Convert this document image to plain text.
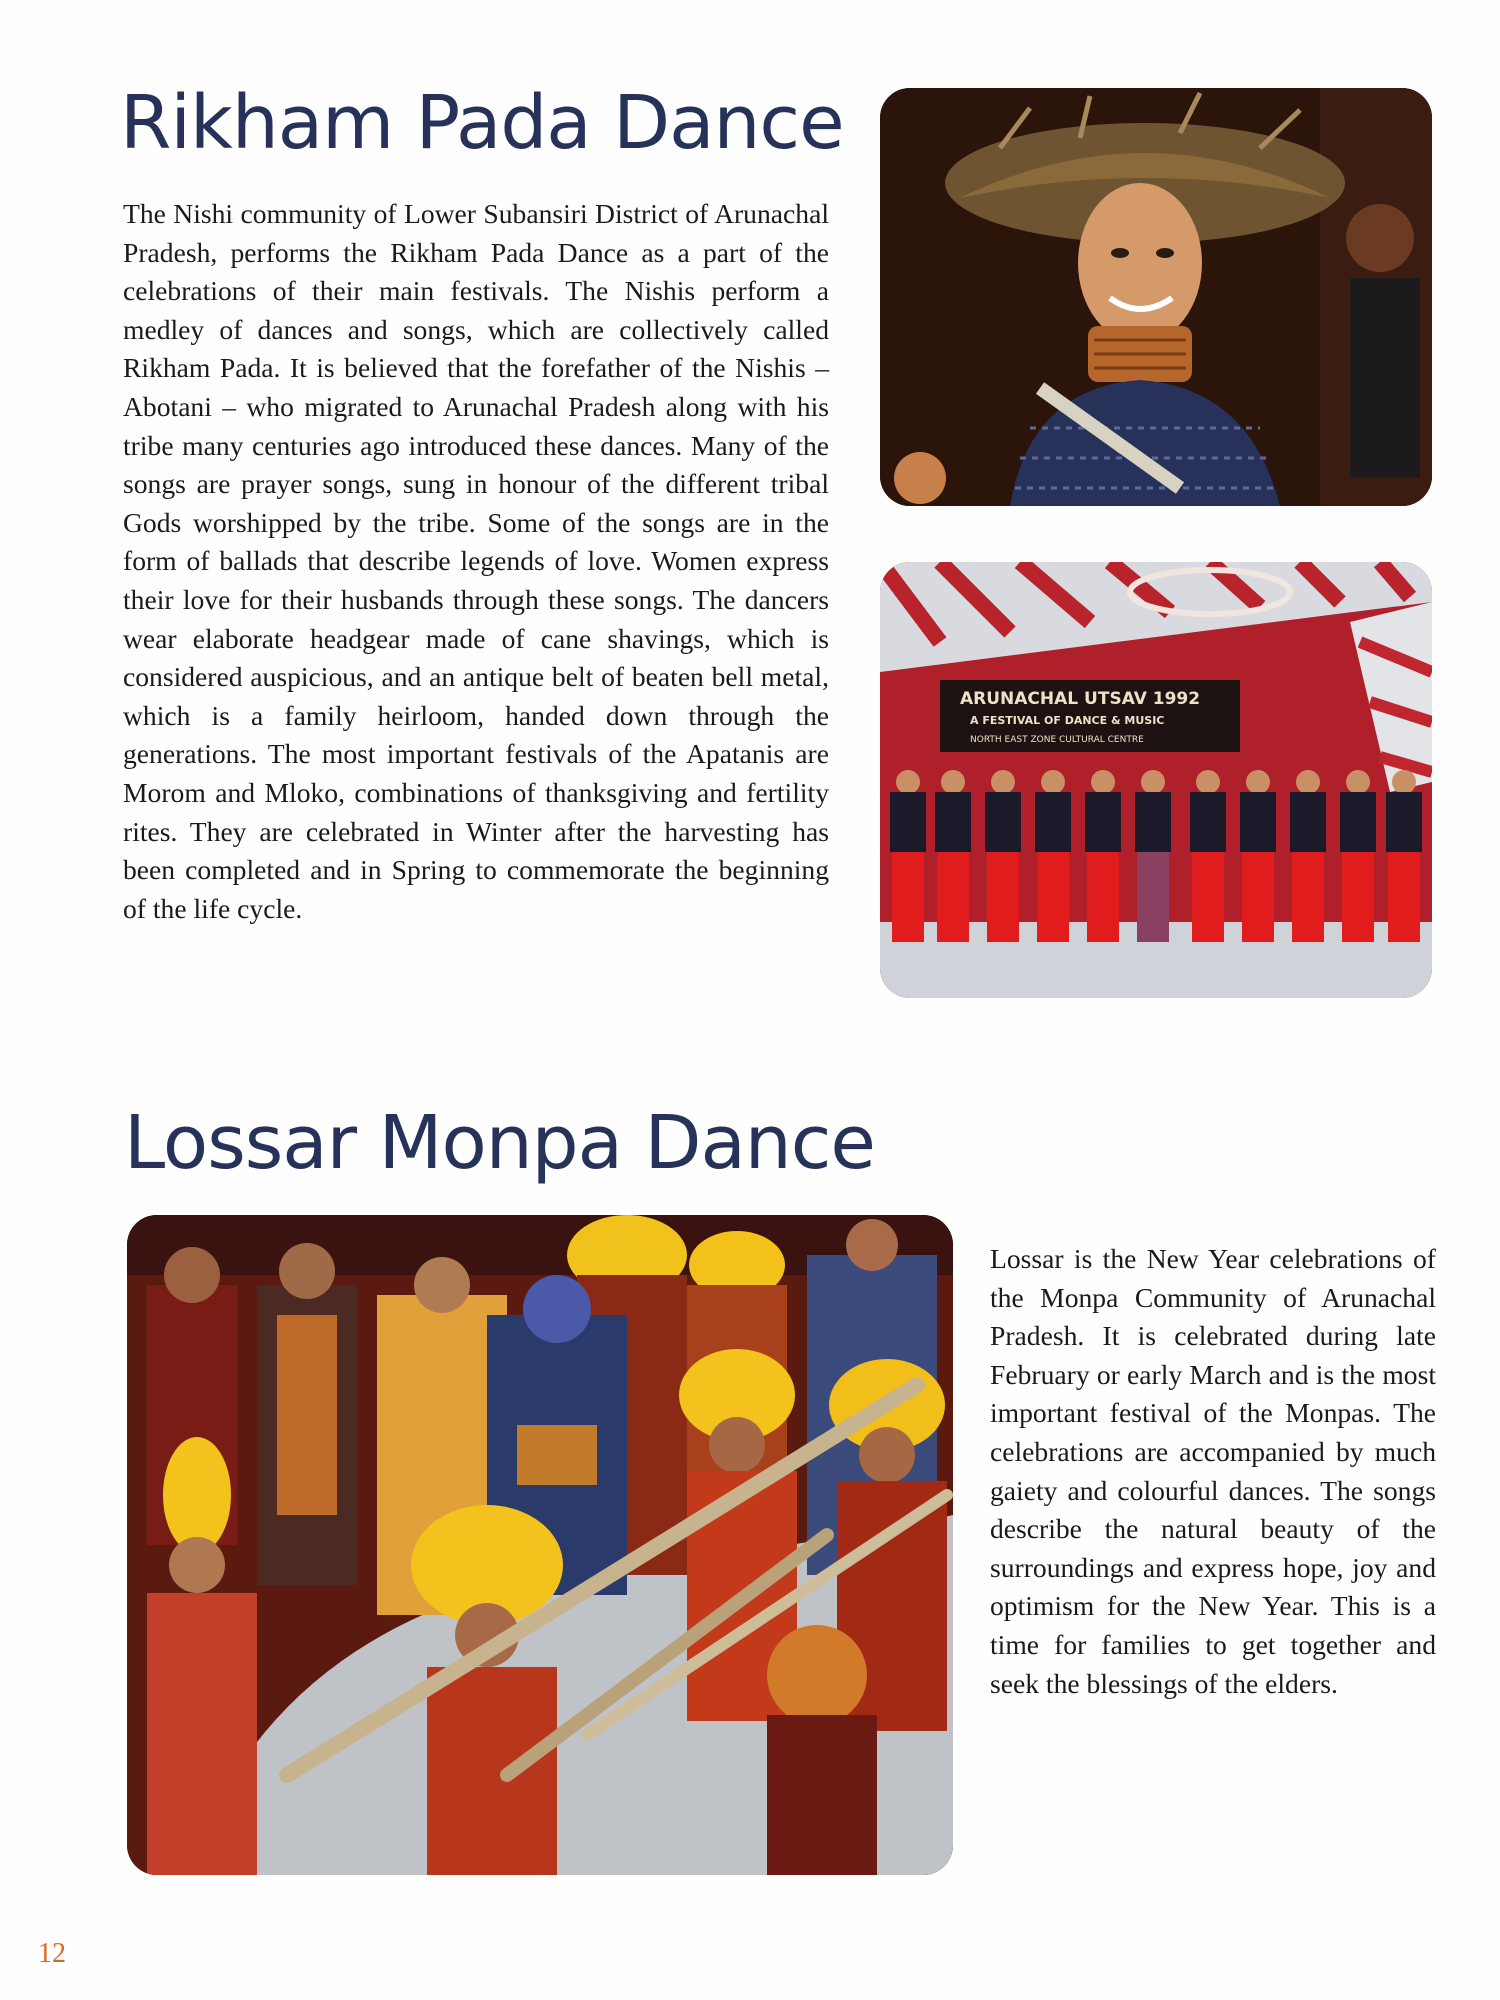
Rikham Pada Dance

The Nishi community of Lower Subansiri District of Arunachal Pradesh, performs the Rikham Pada Dance as a part of the celebrations of their main festivals. The Nishis perform a medley of dances and songs, which are collectively called Rikham Pada. It is believed that the forefather of the Nishis –Abotani – who migrated to Arunachal Pradesh along with his tribe many centuries ago introduced these dances. Many of the songs are prayer songs, sung in honour of the different tribal Gods worshipped by the tribe. Some of the songs are in the form of ballads that describe legends of love. Women express their love for their husbands through these songs. The dancers wear elaborate headgear made of cane shavings, which is considered auspicious, and an antique belt of beaten bell metal, which is a family heirloom, handed down through the generations. The most important festivals of the Apatanis are Morom and Mloko, combinations of thanksgiving and fertility rites. They are celebrated in Winter after the harvesting has been completed and in Spring to commemorate the beginning of the life cycle.

ARUNACHAL UTSAV 1992
A FESTIVAL OF DANCE & MUSIC
NORTH EAST ZONE CULTURAL CENTRE
Lossar Monpa Dance

Lossar is the New Year celebrations of the Monpa Community of Arunachal Pradesh. It is celebrated during late February or early March and is the most important festival of the Monpas. The celebrations are accompanied by much gaiety and colourful dances. The songs describe the natural beauty of the surroundings and express hope, joy and optimism for the New Year. This is a time for families to get together and seek the blessings of the elders.

12
